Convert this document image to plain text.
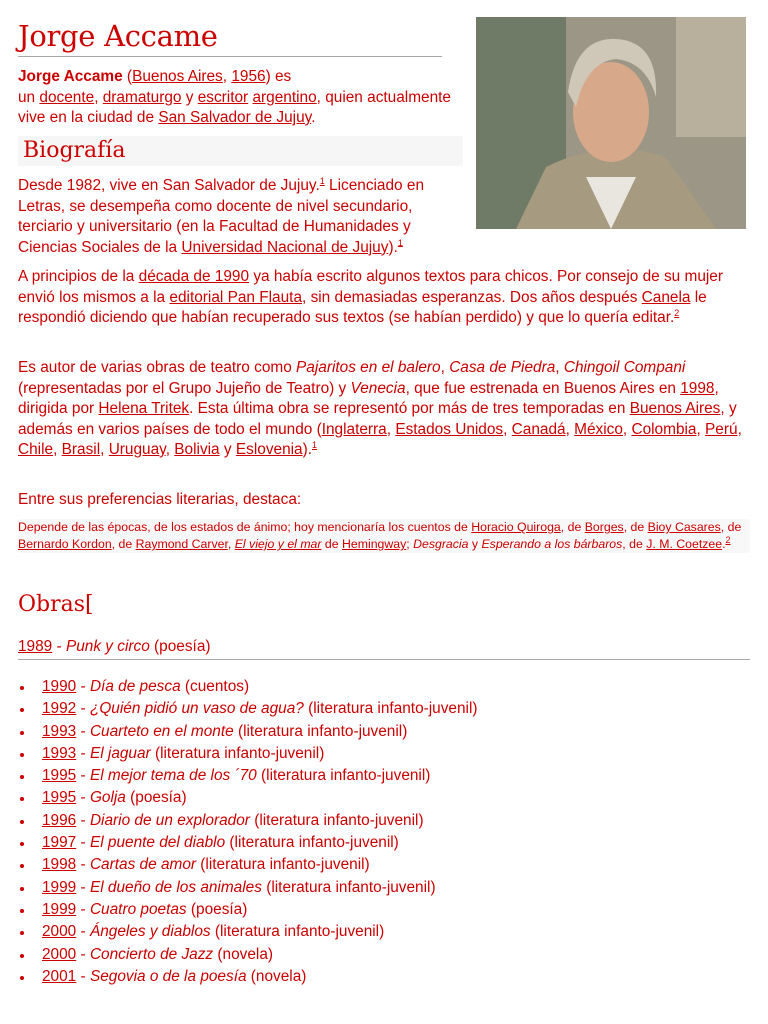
Jorge Accame

Jorge Accame (Buenos Aires, 1956) es
un docente, dramaturgo y escritor argentino, quien actualmente vive en la ciudad de San Salvador de Jujuy.

Biografía

Desde 1982, vive en San Salvador de Jujuy.$^1$ Licenciado en Letras, se desempeña como docente de nivel secundario, terciario y universitario (en la Facultad de Humanidades y Ciencias Sociales de la Universidad Nacional de Jujuy).$^1$

A principios de la década de 1990 ya había escrito algunos textos para chicos. Por consejo de su mujer envió los mismos a la editorial Pan Flauta, sin demasiadas esperanzas. Dos años después Canela le respondió diciendo que habían recuperado sus textos (se habían perdido) y que lo quería editar.$^2$

Es autor de varias obras de teatro como Pajaritos en el balero, Casa de Piedra, Chingoil Compani (representadas por el Grupo Jujeño de Teatro) y Venecia, que fue estrenada en Buenos Aires en 1998, dirigida por Helena Tritek. Esta última obra se representó por más de tres temporadas en Buenos Aires, y además en varios países de todo el mundo (Inglaterra, Estados Unidos, Canadá, México, Colombia, Perú, Chile, Brasil, Uruguay, Bolivia y Eslovenia).$^1$

Entre sus preferencias literarias, destaca:

Depende de las épocas, de los estados de ánimo; hoy mencionaría los cuentos de Horacio Quiroga, de Borges, de Bioy Casares, de Bernardo Kordon, de Raymond Carver, El viejo y el mar de Hemingway; Desgracia y Esperando a los bárbaros, de J. M. Coetzee.$^2$
Obras[
1989 - Punk y circo (poesía)
1990 - Día de pesca (cuentos)
1992 - ¿Quién pidió un vaso de agua? (literatura infanto-juvenil)
1993 - Cuarteto en el monte (literatura infanto-juvenil)
1993 - El jaguar (literatura infanto-juvenil)
1995 - El mejor tema de los ´70 (literatura infanto-juvenil)
1995 - Golja (poesía)
1996 - Diario de un explorador (literatura infanto-juvenil)
1997 - El puente del diablo (literatura infanto-juvenil)
1998 - Cartas de amor (literatura infanto-juvenil)
1999 - El dueño de los animales (literatura infanto-juvenil)
1999 - Cuatro poetas (poesía)
2000 - Ángeles y diablos (literatura infanto-juvenil)
2000 - Concierto de Jazz (novela)
2001 - Segovia o de la poesía (novela)
